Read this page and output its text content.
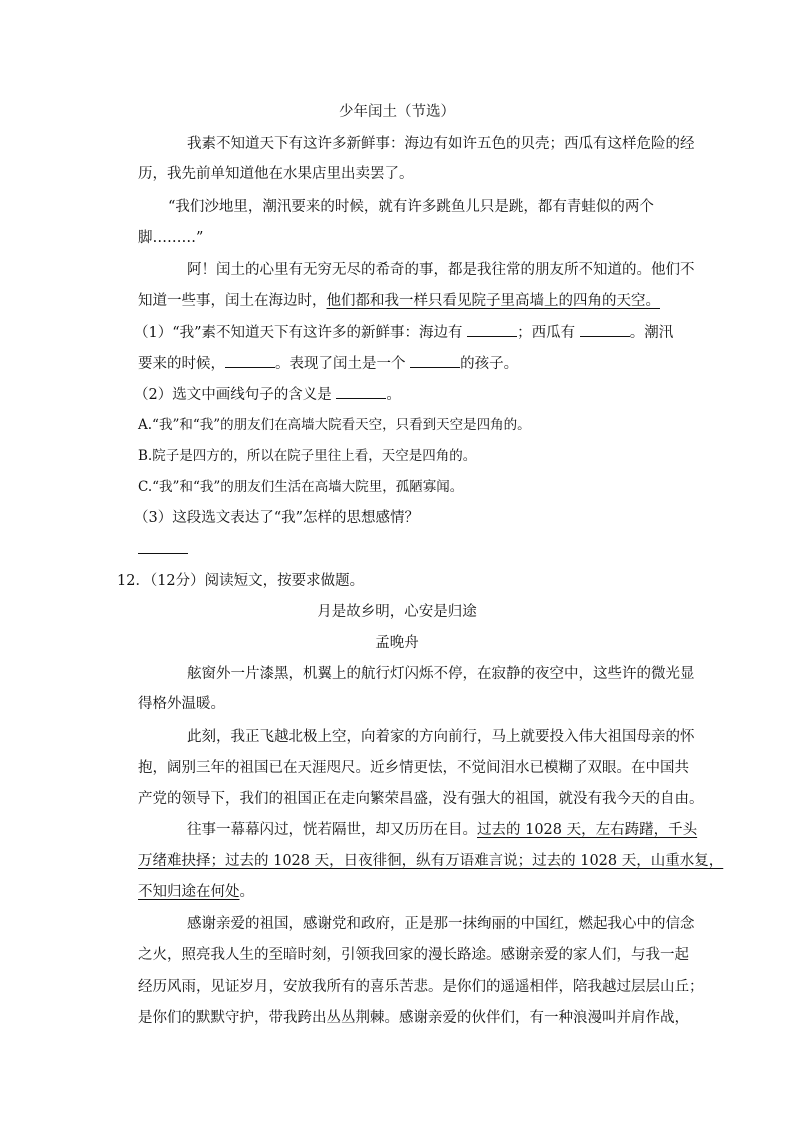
少年闰土（节选）
我素不知道天下有这许多新鲜事：海边有如许五色的贝壳；西瓜有这样危险的经
历，我先前单知道他在水果店里出卖罢了。
“我们沙地里，潮汛要来的时候，就有许多跳鱼儿只是跳，都有青蛙似的两个
脚………”
阿！闰土的心里有无穷无尽的希奇的事，都是我往常的朋友所不知道的。他们不
知道一些事，闰土在海边时，他们都和我一样只看见院子里高墙上的四角的天空。
（1）“我”素不知道天下有这许多的新鲜事：海边有	；西瓜有	。潮汛
要来的时候，	。表现了闰土是一个	的孩子。
（2）选文中画线句子的含义是	。
A.“我”和“我”的朋友们在高墙大院看天空，只看到天空是四角的。
B.院子是四方的，所以在院子里往上看，天空是四角的。
C.“我”和“我”的朋友们生活在高墙大院里，孤陋寡闻。
（3）这段选文表达了“我”怎样的思想感情？
12．（12分）阅读短文，按要求做题。
月是故乡明，心安是归途
孟晚舟
舷窗外一片漆黑，机翼上的航行灯闪烁不停，在寂静的夜空中，这些许的微光显
得格外温暖。
此刻，我正飞越北极上空，向着家的方向前行，马上就要投入伟大祖国母亲的怀
抱，阔别三年的祖国已在天涯咫尺。近乡情更怯，不觉间泪水已模糊了双眼。在中国共
产党的领导下，我们的祖国正在走向繁荣昌盛，没有强大的祖国，就没有我今天的自由。
往事一幕幕闪过，恍若隔世，却又历历在目。过去的 1028 天，左右踌躇，千头
万绪难抉择；过去的 1028 天，日夜徘徊，纵有万语难言说；过去的 1028 天，山重水复，
不知归途在何处。
感谢亲爱的祖国，感谢党和政府，正是那一抹绚丽的中国红，燃起我心中的信念
之火，照亮我人生的至暗时刻，引领我回家的漫长路途。感谢亲爱的家人们，与我一起
经历风雨，见证岁月，安放我所有的喜乐苦悲。是你们的遥遥相伴，陪我越过层层山丘；
是你们的默默守护，带我跨出丛丛荆棘。感谢亲爱的伙伴们，有一种浪漫叫并肩作战，
